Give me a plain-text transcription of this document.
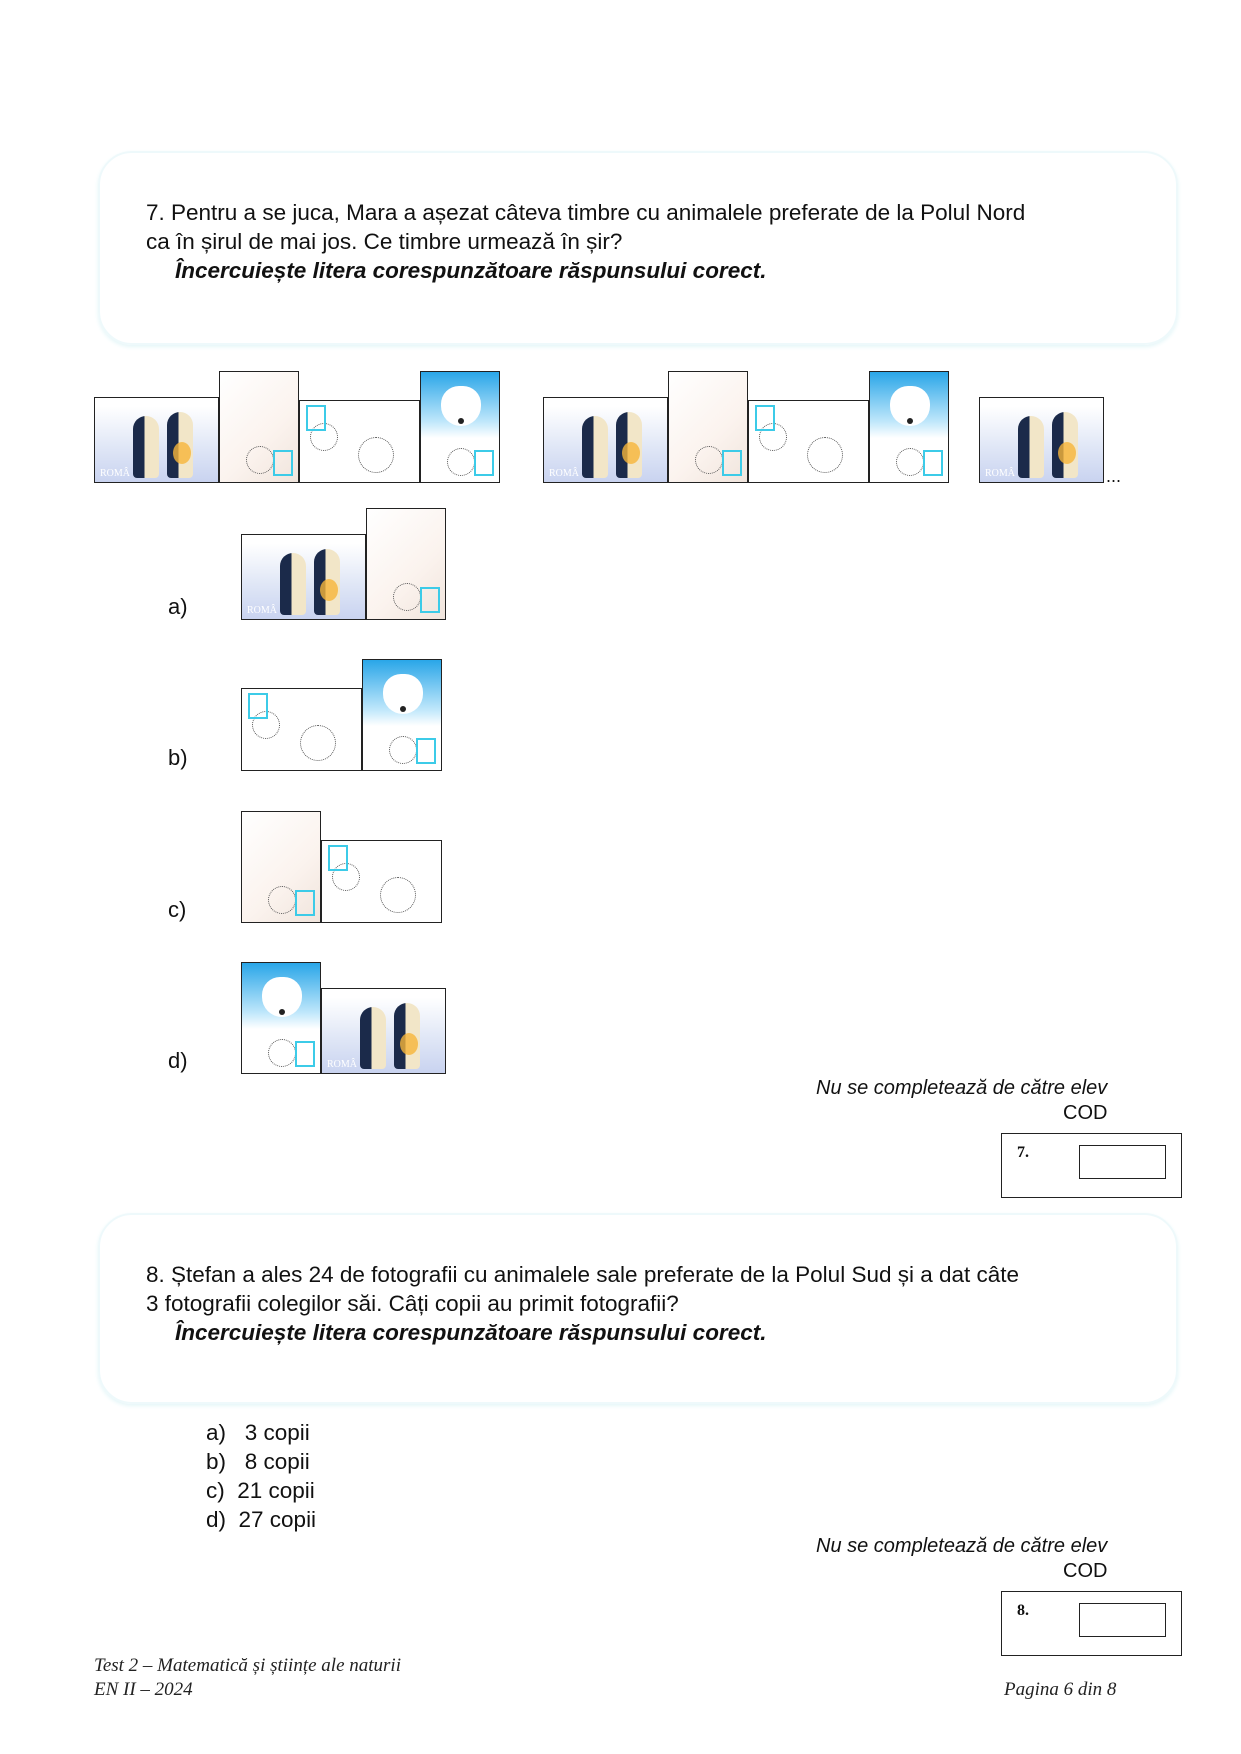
7. Pentru a se juca, Mara a așezat câteva timbre cu animalele preferate de la Polul Nord
ca în șirul de mai jos. Ce timbre urmează în șir?
Încercuiește litera corespunzătoare răspunsului corect.
ROMÂ	ROMÂ	ROMÂ	...
a)	ROMÂ
b)
c)
d)	ROMÂ
Nu se completează de către elev
COD
7.
8. Ștefan a ales 24 de fotografii cu animalele sale preferate de la Polul Sud și a dat câte
3 fotografii colegilor săi. Câți copii au primit fotografii?
Încercuiește litera corespunzătoare răspunsului corect.
a)   3 copii
b)   8 copii
c)  21 copii
d)  27 copii
Nu se completează de către elev
COD
8.
Test 2 – Matematică și științe ale naturii
EN II – 2024	Pagina 6 din 8
